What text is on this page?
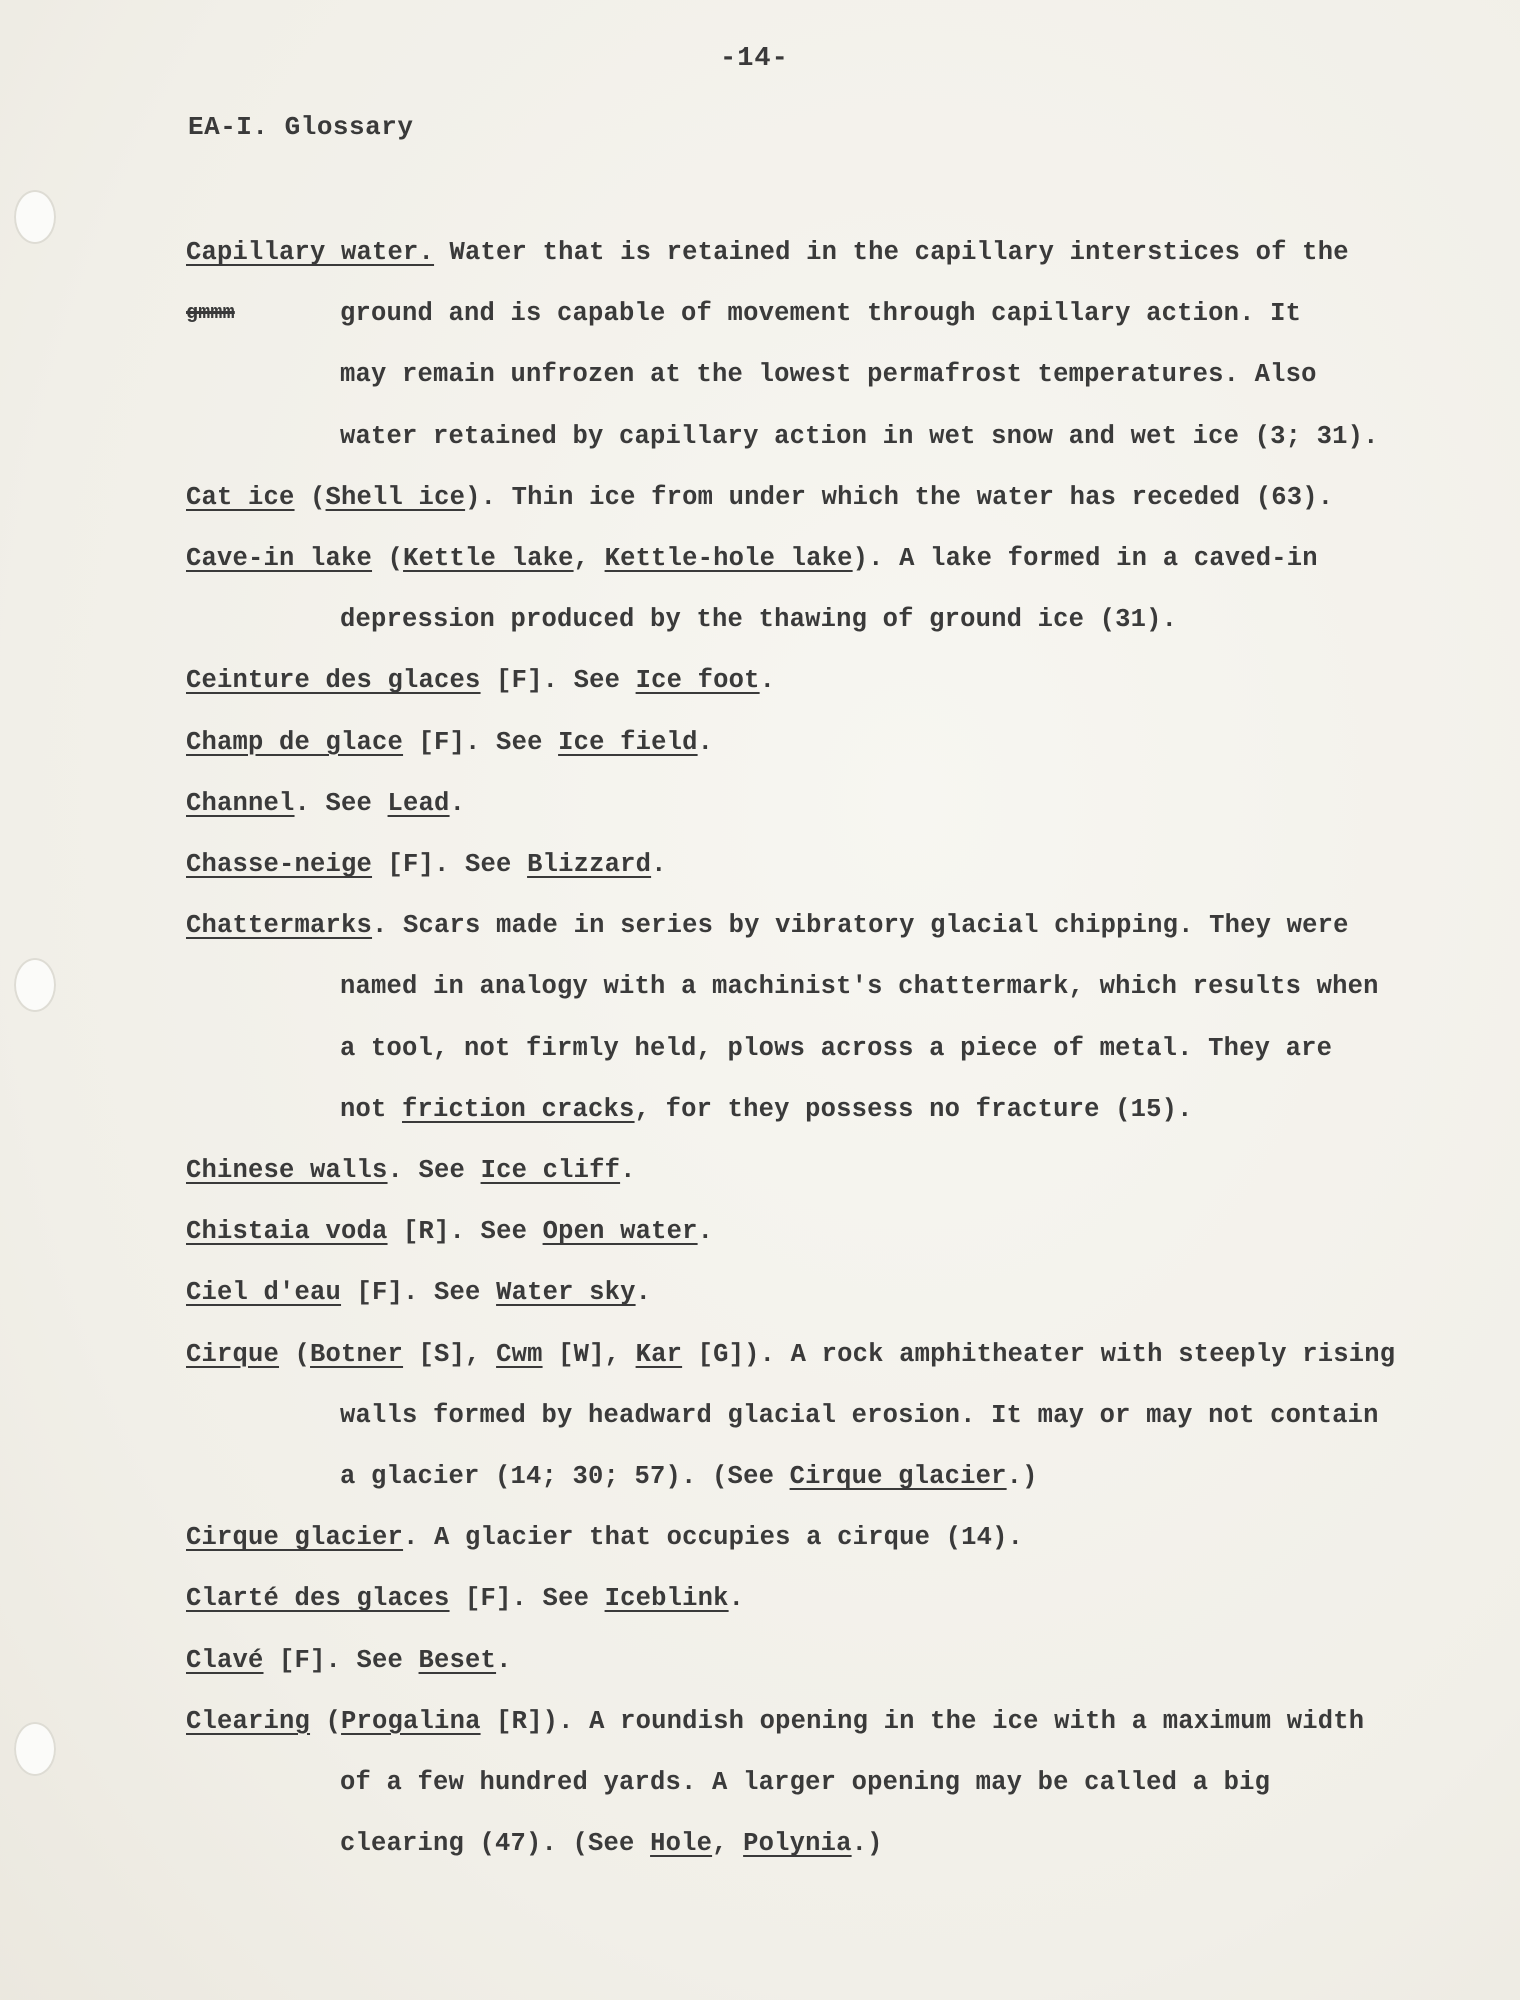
-14-
EA-I. Glossary
Capillary water. Water that is retained in the capillary interstices of the
gmmm	ground and is capable of movement through capillary action. It
may remain unfrozen at the lowest permafrost temperatures. Also
water retained by capillary action in wet snow and wet ice (3; 31).
Cat ice (Shell ice). Thin ice from under which the water has receded (63).
Cave-in lake (Kettle lake, Kettle-hole lake). A lake formed in a caved-in
depression produced by the thawing of ground ice (31).
Ceinture des glaces [F]. See Ice foot.
Champ de glace [F]. See Ice field.
Channel. See Lead.
Chasse-neige [F]. See Blizzard.
Chattermarks. Scars made in series by vibratory glacial chipping. They were
named in analogy with a machinist's chattermark, which results when
a tool, not firmly held, plows across a piece of metal. They are
not friction cracks, for they possess no fracture (15).
Chinese walls. See Ice cliff.
Chistaia voda [R]. See Open water.
Ciel d'eau [F]. See Water sky.
Cirque (Botner [S], Cwm [W], Kar [G]). A rock amphitheater with steeply rising
walls formed by headward glacial erosion. It may or may not contain
a glacier (14; 30; 57). (See Cirque glacier.)
Cirque glacier. A glacier that occupies a cirque (14).
Clarté des glaces [F]. See Iceblink.
Clavé [F]. See Beset.
Clearing (Progalina [R]). A roundish opening in the ice with a maximum width
of a few hundred yards. A larger opening may be called a big
clearing (47). (See Hole, Polynia.)
